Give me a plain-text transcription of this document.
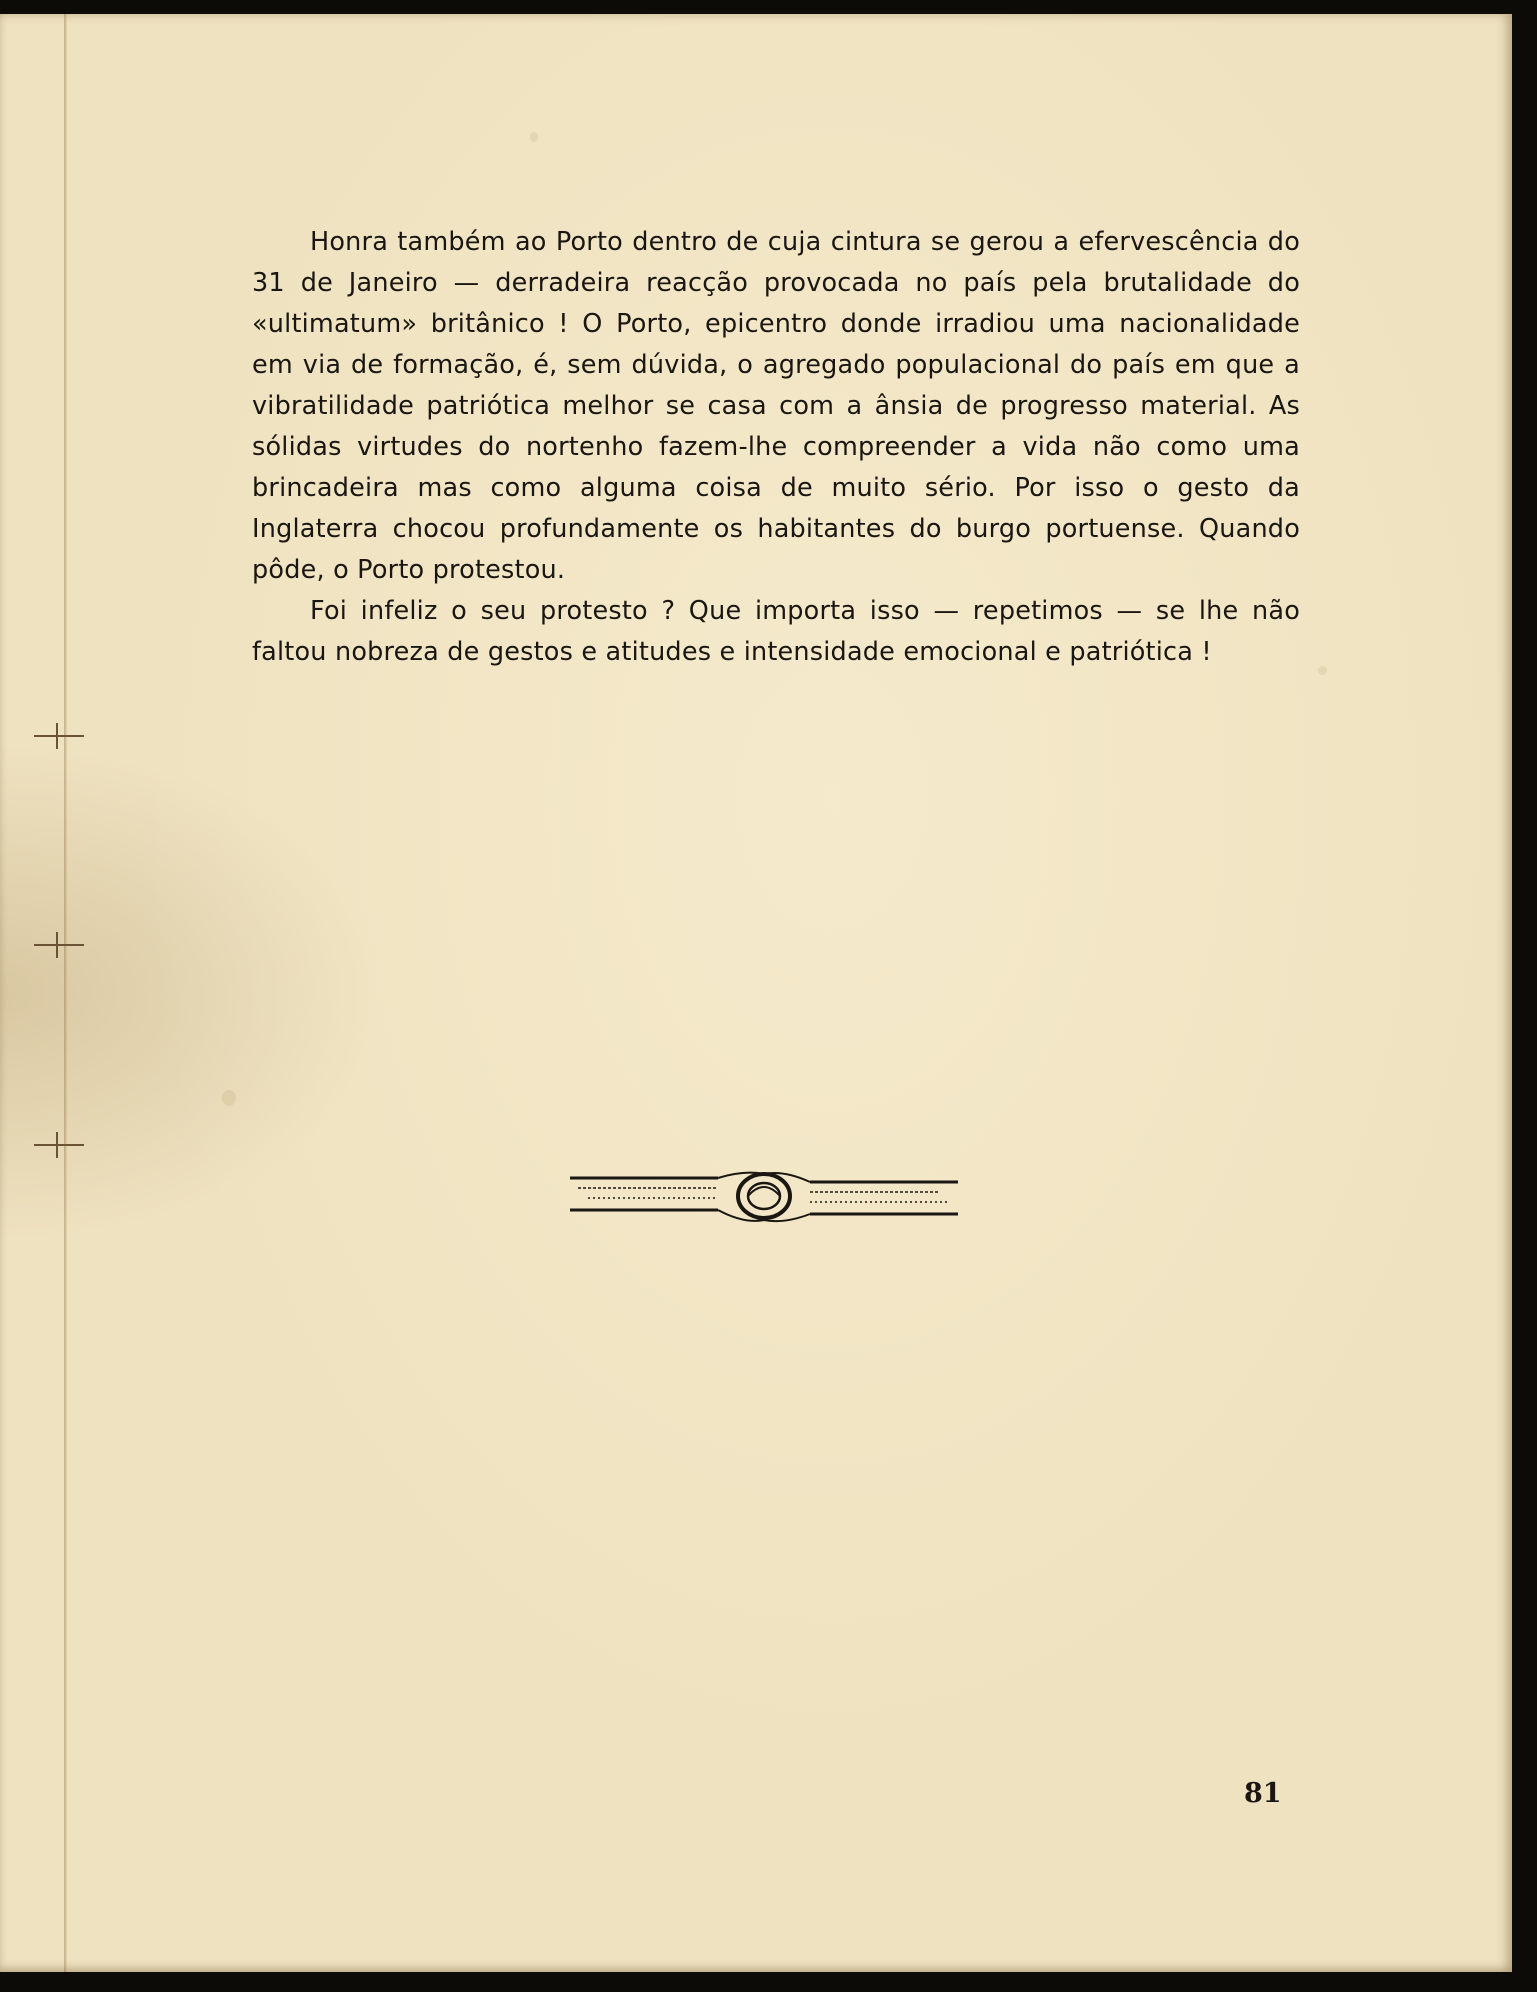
Honra também ao Porto dentro de cuja cintura se gerou a efervescência do 31 de Janeiro — derradeira reacção provocada no país pela brutalidade do «ultimatum» britânico ! O Porto, epicentro donde irradiou uma nacionalidade em via de formação, é, sem dúvida, o agregado populacional do país em que a vibratilidade patriótica melhor se casa com a ânsia de progresso material. As sólidas virtudes do nortenho fazem-lhe compreender a vida não como uma brincadeira mas como alguma coisa de muito sério. Por isso o gesto da Inglaterra chocou profundamente os habitantes do burgo portuense. Quando pôde, o Porto protestou.

Foi infeliz o seu protesto ? Que importa isso — repetimos — se lhe não faltou nobreza de gestos e atitudes e intensidade emocional e patriótica !

81
